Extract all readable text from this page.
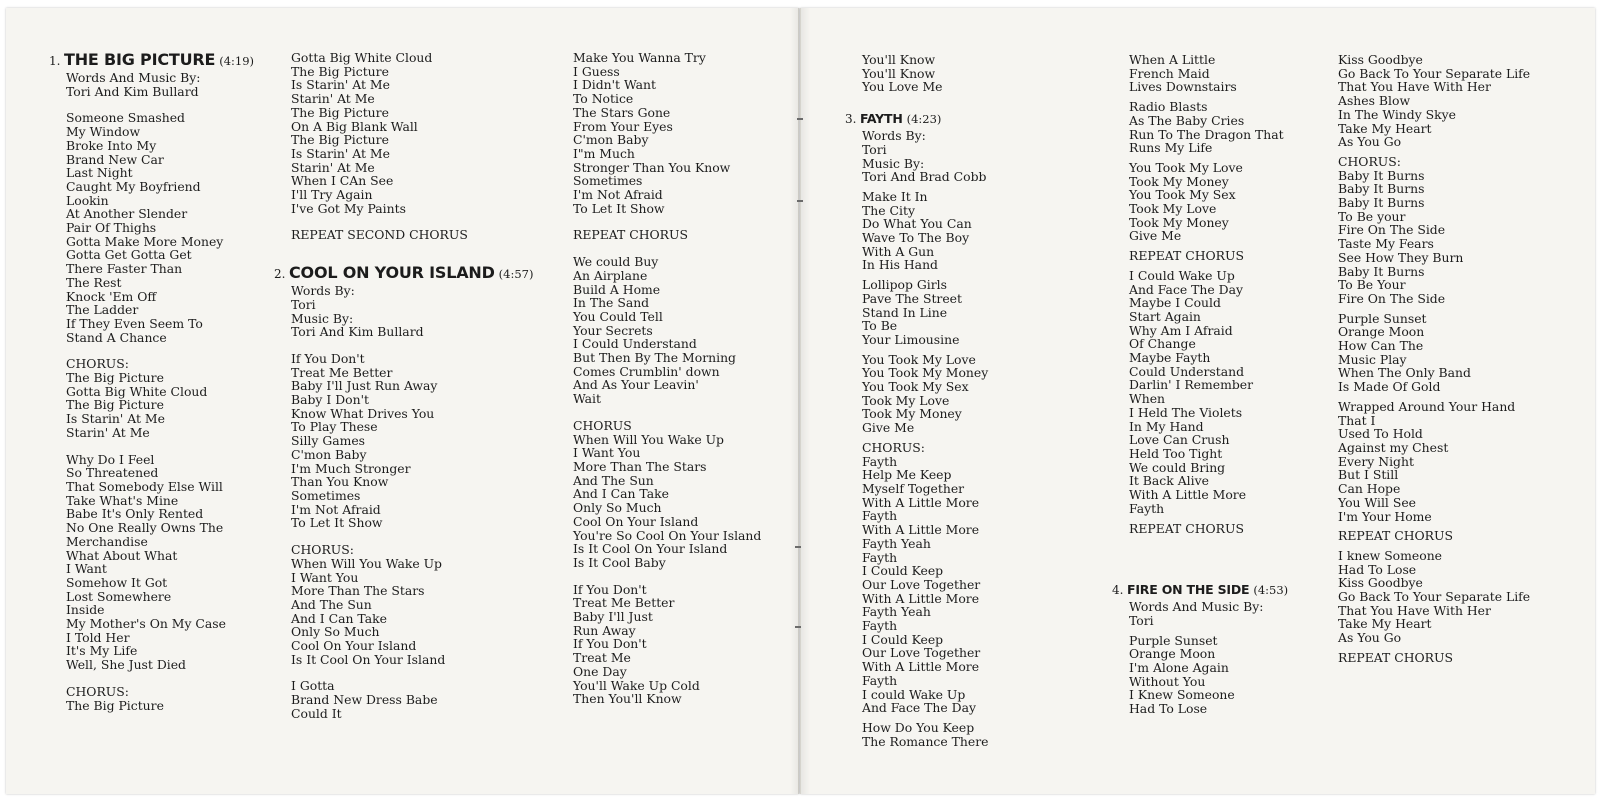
1. THE BIG PICTURE (4:19)
Words And Music By:
Tori And Kim Bullard
Someone Smashed
My Window
Broke Into My
Brand New Car
Last Night
Caught My Boyfriend
Lookin
At Another Slender
Pair Of Thighs
Gotta Make More Money
Gotta Get Gotta Get
There Faster Than
The Rest
Knock 'Em Off
The Ladder
If They Even Seem To
Stand A Chance
CHORUS:
The Big Picture
Gotta Big White Cloud
The Big Picture
Is Starin' At Me
Starin' At Me
Why Do I Feel
So Threatened
That Somebody Else Will
Take What's Mine
Babe It's Only Rented
No One Really Owns The
Merchandise
What About What
I Want
Somehow It Got
Lost Somewhere
Inside
My Mother's On My Case
I Told Her
It's My Life
Well, She Just Died
CHORUS:
The Big Picture
Gotta Big White Cloud
The Big Picture
Is Starin' At Me
Starin' At Me
The Big Picture
On A Big Blank Wall
The Big Picture
Is Starin' At Me
Starin' At Me
When I CAn See
I'll Try Again
I've Got My Paints
REPEAT SECOND CHORUS
2. COOL ON YOUR ISLAND (4:57)
Words By:
Tori
Music By:
Tori And Kim Bullard
If You Don't
Treat Me Better
Baby I'll Just Run Away
Baby I Don't
Know What Drives You
To Play These
Silly Games
C'mon Baby
I'm Much Stronger
Than You Know
Sometimes
I'm Not Afraid
To Let It Show
CHORUS:
When Will You Wake Up
I Want You
More Than The Stars
And The Sun
And I Can Take
Only So Much
Cool On Your Island
Is It Cool On Your Island
I Gotta
Brand New Dress Babe
Could It
Make You Wanna Try
I Guess
I Didn't Want
To Notice
The Stars Gone
From Your Eyes
C'mon Baby
I"m Much
Stronger Than You Know
Sometimes
I'm Not Afraid
To Let It Show
REPEAT CHORUS
We could Buy
An Airplane
Build A Home
In The Sand
You Could Tell
Your Secrets
I Could Understand
But Then By The Morning
Comes Crumblin' down
And As Your Leavin'
Wait
CHORUS
When Will You Wake Up
I Want You
More Than The Stars
And The Sun
And I Can Take
Only So Much
Cool On Your Island
You're So Cool On Your Island
Is It Cool On Your Island
Is It Cool Baby
If You Don't
Treat Me Better
Baby I'll Just
Run Away
If You Don't
Treat Me
One Day
You'll Wake Up Cold
Then You'll Know
You'll Know
You'll Know
You Love Me
3. FAYTH (4:23)
Words By:
Tori
Music By:
Tori And Brad Cobb
Make It In
The City
Do What You Can
Wave To The Boy
With A Gun
In His Hand
Lollipop Girls
Pave The Street
Stand In Line
To Be
Your Limousine
You Took My Love
You Took My Money
You Took My Sex
Took My Love
Took My Money
Give Me
CHORUS:
Fayth
Help Me Keep
Myself Together
With A Little More
Fayth
With A Little More
Fayth Yeah
Fayth
I Could Keep
Our Love Together
With A Little More
Fayth Yeah
Fayth
I Could Keep
Our Love Together
With A Little More
Fayth
I could Wake Up
And Face The Day
How Do You Keep
The Romance There
When A Little
French Maid
Lives Downstairs
Radio Blasts
As The Baby Cries
Run To The Dragon That
Runs My Life
You Took My Love
Took My Money
You Took My Sex
Took My Love
Took My Money
Give Me
REPEAT CHORUS
I Could Wake Up
And Face The Day
Maybe I Could
Start Again
Why Am I Afraid
Of Change
Maybe Fayth
Could Understand
Darlin' I Remember
When
I Held The Violets
In My Hand
Love Can Crush
Held Too Tight
We could Bring
It Back Alive
With A Little More
Fayth
REPEAT CHORUS
4. FIRE ON THE SIDE (4:53)
Words And Music By:
Tori
Purple Sunset
Orange Moon
I'm Alone Again
Without You
I Knew Someone
Had To Lose
Kiss Goodbye
Go Back To Your Separate Life
That You Have With Her
Ashes Blow
In The Windy Skye
Take My Heart
As You Go
CHORUS:
Baby It Burns
Baby It Burns
Baby It Burns
To Be your
Fire On The Side
Taste My Fears
See How They Burn
Baby It Burns
To Be Your
Fire On The Side
Purple Sunset
Orange Moon
How Can The
Music Play
When The Only Band
Is Made Of Gold
Wrapped Around Your Hand
That I
Used To Hold
Against my Chest
Every Night
But I Still
Can Hope
You Will See
I'm Your Home
REPEAT CHORUS
I knew Someone
Had To Lose
Kiss Goodbye
Go Back To Your Separate Life
That You Have With Her
Take My Heart
As You Go
REPEAT CHORUS
